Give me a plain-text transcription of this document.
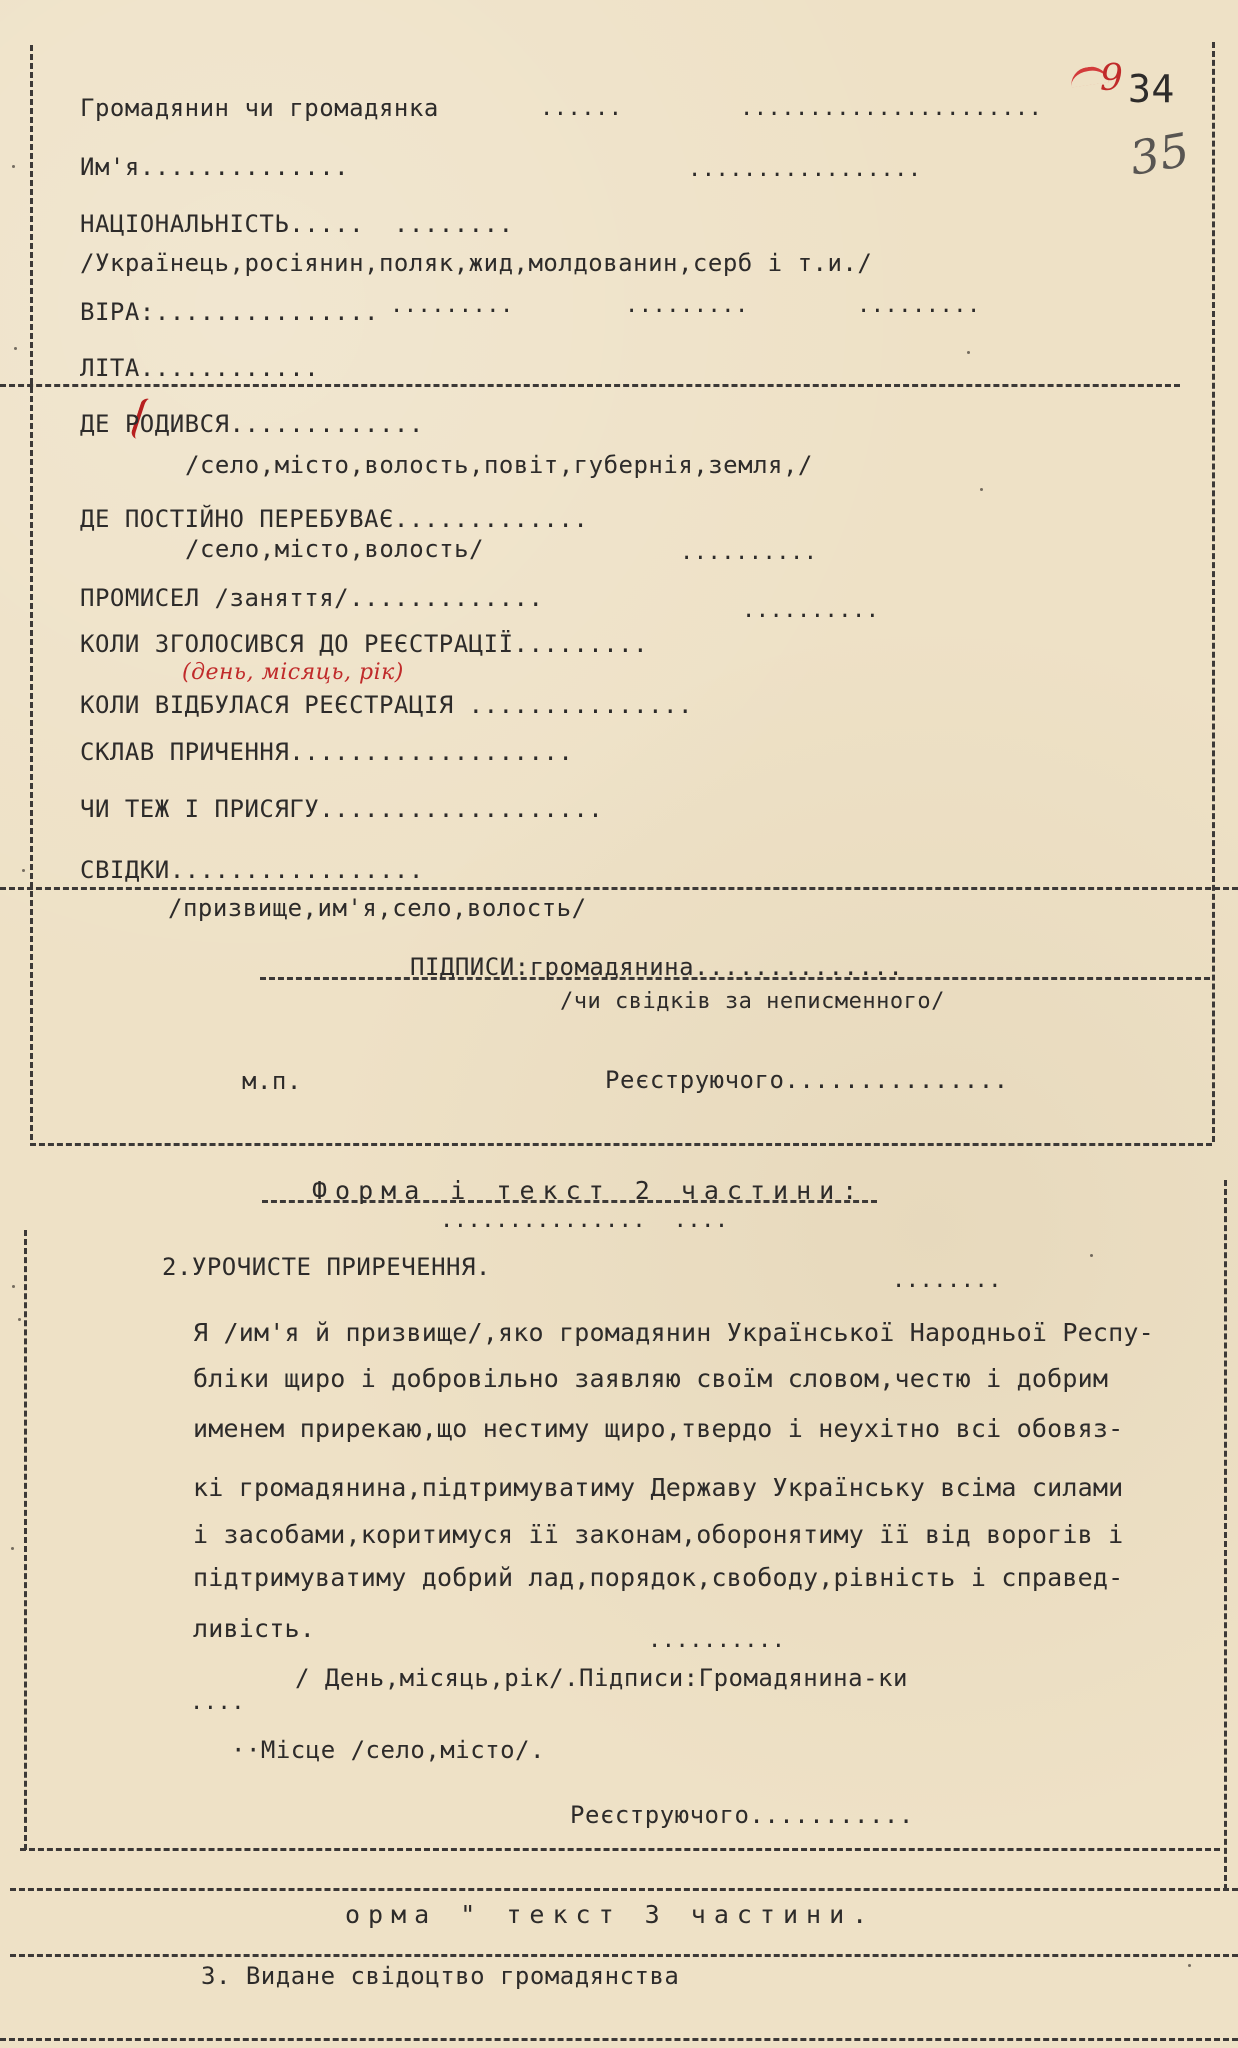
9 34
35
Громадянин чи громадянка	......	......................
Им'я..............	.................
НАЦІОНАЛЬНІСТЬ.....  ........
/Українець,росіянин,поляк,жид,молдованин,серб і т.и./
ВІРА:............... .........	.........	.........
ЛІТА............
ДЕ РОДИВСЯ.............
/село,місто,волость,повіт,губернія,земля,/
ДЕ ПОСТІЙНО ПЕРЕБУВАЄ.............
/село,місто,волость/	..........
ПРОМИСЕЛ /заняття/.............	..........
КОЛИ ЗГОЛОСИВСЯ ДО РЕЄСТРАЦІЇ.........
(день, місяць, рік)
КОЛИ ВІДБУЛАСЯ РЕЄСТРАЦІЯ ...............
СКЛАВ ПРИЧЕННЯ...................
ЧИ ТЕЖ І ПРИСЯГУ...................
СВІДКИ.................
/призвище,им'я,село,волость/
ПІДПИСИ:громадянина..............
/чи свідків за неписменного/
м.п.	Реєструючого...............
Форма і текст 2 частини:
...............  ....
2.УРОЧИСТЕ ПРИРЕЧЕННЯ.	........
Я /им'я й призвище/,яко громадянин Української Народньої Респу-
бліки щиро і добровільно заявляю своїм словом,честю і добрим
именем прирекаю,що нестиму щиро,твердо і неухітно всі обовяз-
кі громадянина,підтримуватиму Державу Українську всіма силами
і засобами,коритимуся її законам,оборонятиму її від ворогів і
підтримуватиму добрий лад,порядок,свободу,рівність і справед-
ливість.	..........
/ День,місяць,рік/.Підписи:Громадянина-ки
....
··Місце /село,місто/.
Реєструючого...........
орма " текст 3 частини.
3. Видане свідоцтво громадянства
